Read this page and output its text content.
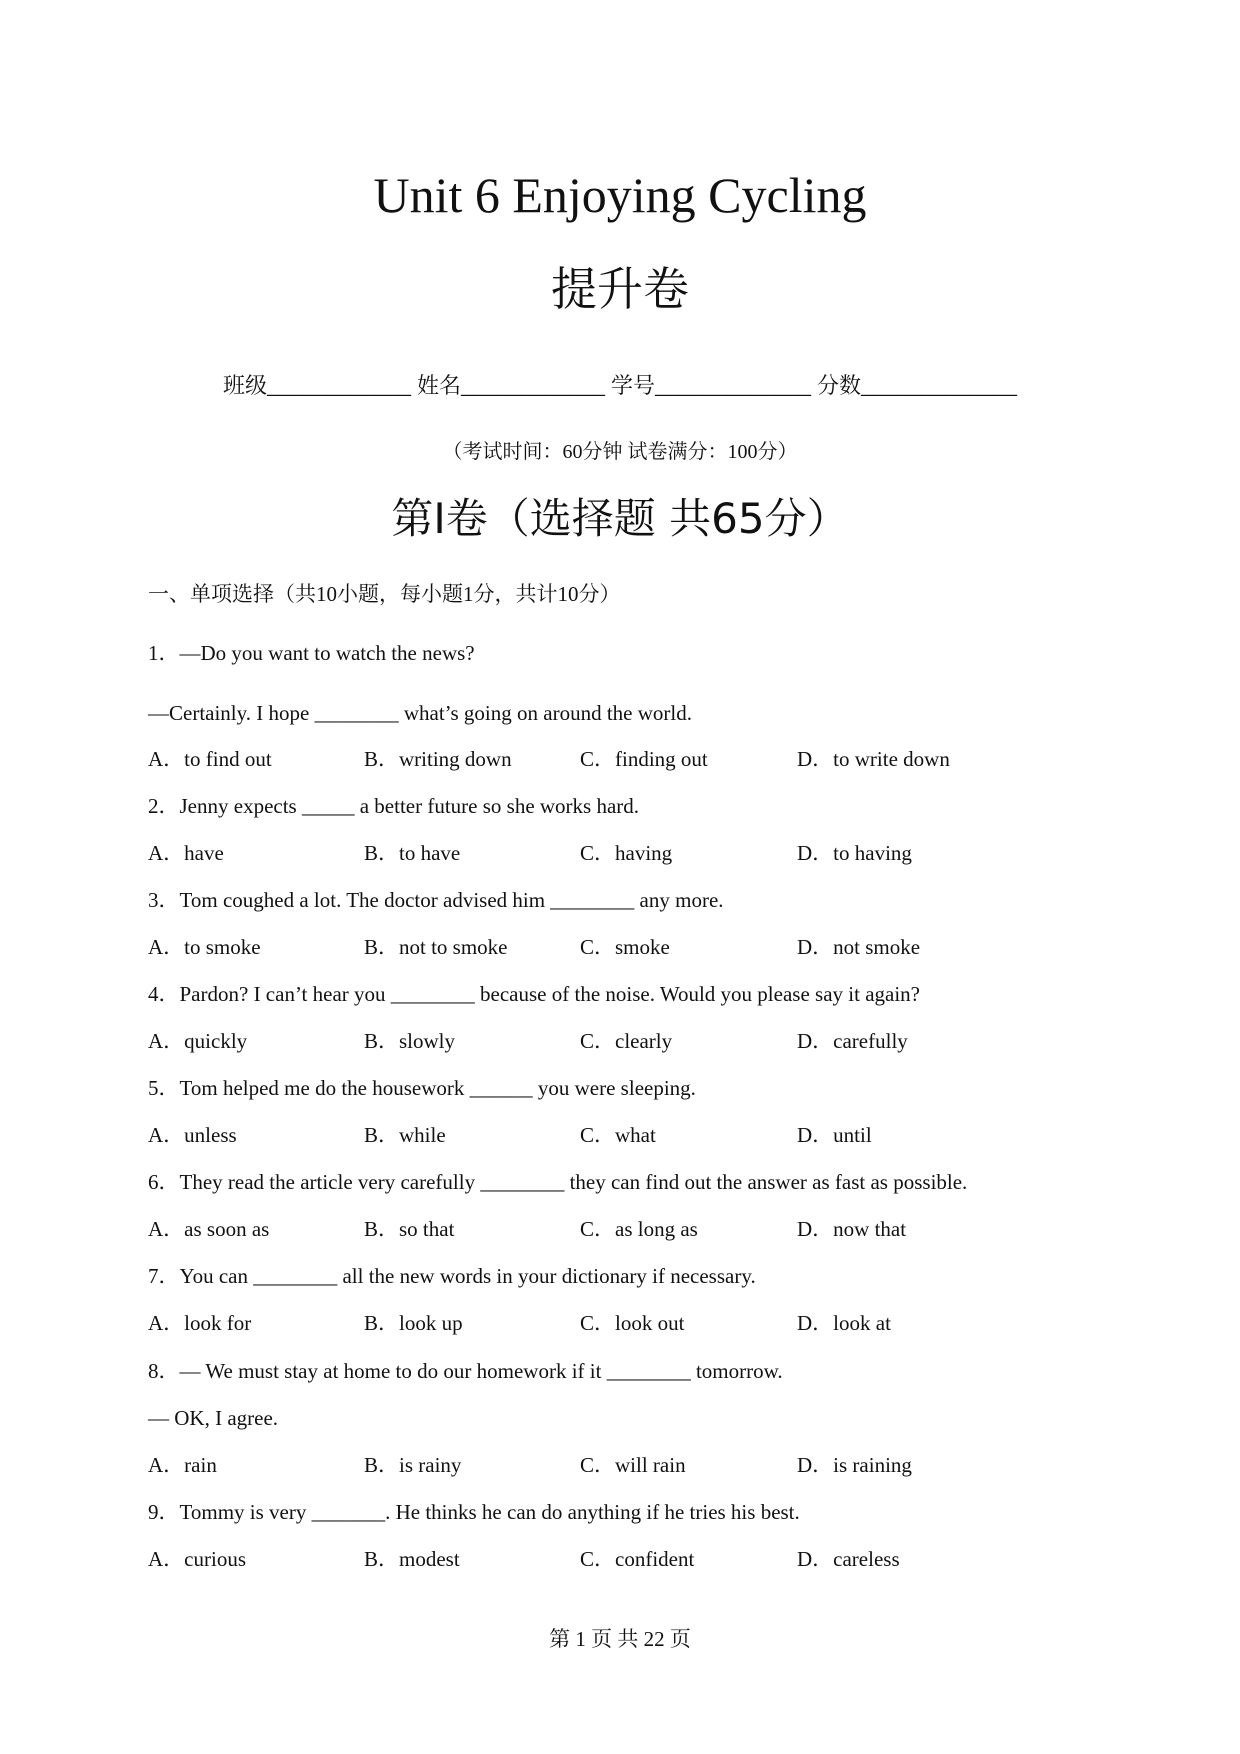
Unit 6 Enjoying Cycling
提升卷
班级____________ 姓名____________ 学号_____________ 分数_____________
（考试时间：60分钟 试卷满分：100分）
第Ⅰ卷（选择题 共65分）
一、单项选择（共10小题，每小题1分，共计10分）
1．—Do you want to watch the news?
—Certainly. I hope ________ what’s going on around the world.
A．to find out	B．writing down	C．finding out	D．to write down
2．Jenny expects _____ a better future so she works hard.
A．have	B．to have	C．having	D．to having
3．Tom coughed a lot. The doctor advised him ________ any more.
A．to smoke	B．not to smoke	C．smoke	D．not smoke
4．Pardon? I can’t hear you ________ because of the noise. Would you please say it again?
A．quickly	B．slowly	C．clearly	D．carefully
5．Tom helped me do the housework ______ you were sleeping.
A．unless	B．while	C．what	D．until
6．They read the article very carefully ________ they can find out the answer as fast as possible.
A．as soon as	B．so that	C．as long as	D．now that
7．You can ________ all the new words in your dictionary if necessary.
A．look for	B．look up	C．look out	D．look at
8．— We must stay at home to do our homework if it ________ tomorrow.
— OK, I agree.
A．rain	B．is rainy	C．will rain	D．is raining
9．Tommy is very _______. He thinks he can do anything if he tries his best.
A．curious	B．modest	C．confident	D．careless
第 1 页 共 22 页
